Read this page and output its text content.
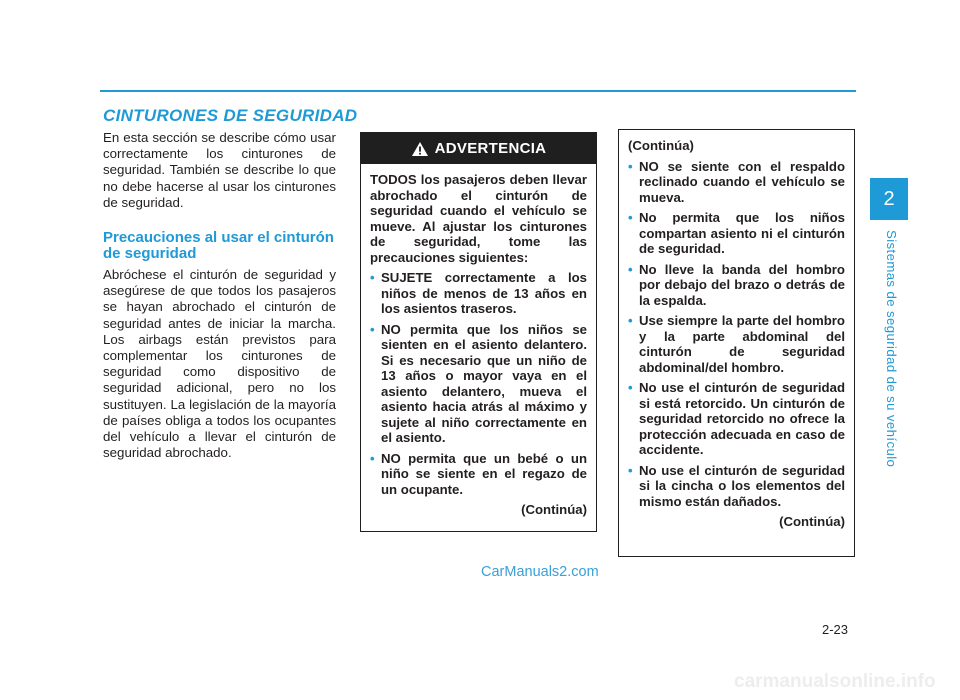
CINTURONES DE SEGURIDAD

En esta sección se describe cómo usar correctamente los cinturones de seguridad. También se describe lo que no debe hacerse al usar los cinturones de seguridad.

Precauciones al usar el cinturón de seguridad

Abróchese el cinturón de seguridad y asegúrese de que todos los pasajeros se hayan abrochado el cinturón de seguridad antes de iniciar la marcha. Los airbags están previstos para complementar los cinturones de seguridad como dispositivo de seguridad adicional, pero no los sustituyen. La legislación de la mayoría de países obliga a todos los ocupantes del vehículo a llevar el cinturón de seguridad abrochado.

ADVERTENCIA

TODOS los pasajeros deben llevar abrochado el cinturón de seguridad cuando el vehículo se mueve. Al ajustar los cinturones de seguridad, tome las precauciones siguientes:

• SUJETE correctamente a los niños de menos de 13 años en los asientos traseros.
• NO permita que los niños se sienten en el asiento delantero. Si es necesario que un niño de 13 años o mayor vaya en el asiento delantero, mueva el asiento hacia atrás al máximo y sujete al niño correctamente en el asiento.
• NO permita que un bebé o un niño se siente en el regazo de un ocupante.

(Continúa)

(Continúa)

• NO se siente con el respaldo reclinado cuando el vehículo se mueva.
• No permita que los niños compartan asiento ni el cinturón de seguridad.
• No lleve la banda del hombro por debajo del brazo o detrás de la espalda.
• Use siempre la parte del hombro y la parte abdominal del cinturón de seguridad abdominal/del hombro.
• No use el cinturón de seguridad si está retorcido. Un cinturón de seguridad retorcido no ofrece la protección adecuada en caso de accidente.
• No use el cinturón de seguridad si la cincha o los elementos del mismo están dañados.

(Continúa)

2
Sistemas de seguridad de su vehículo
2-23
CarManuals2.com
carmanualsonline.info
